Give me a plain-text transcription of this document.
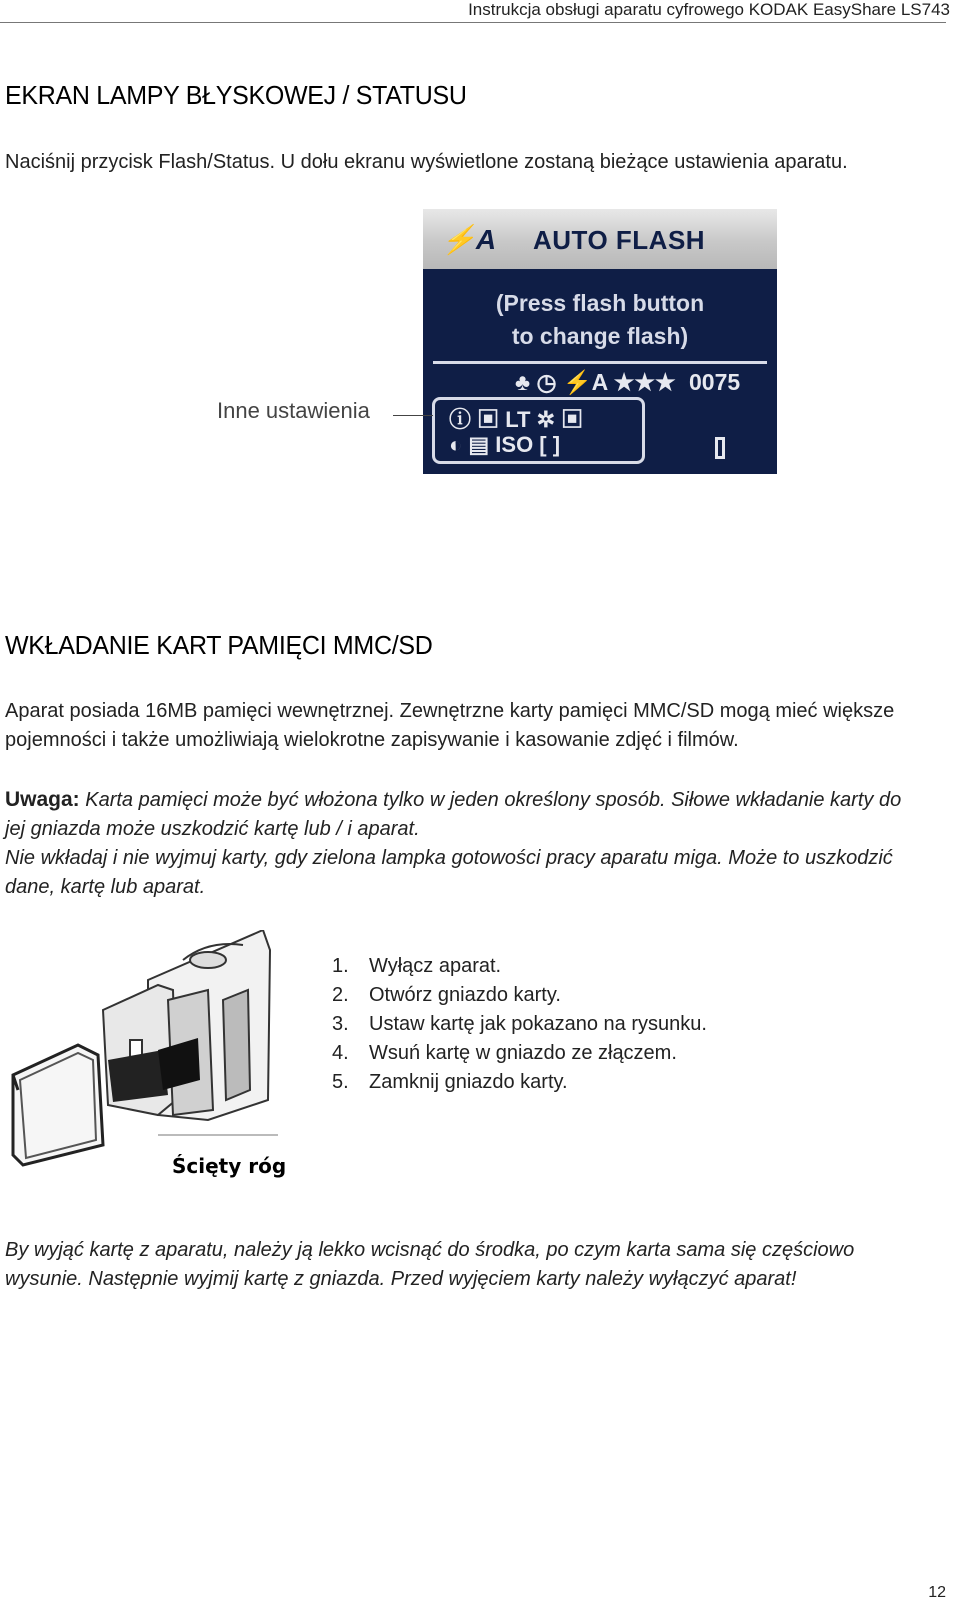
Instrukcja obsługi aparatu cyfrowego KODAK EasyShare LS743
EKRAN LAMPY BŁYSKOWEJ / STATUSU

Naciśnij przycisk Flash/Status. U dołu ekranu wyświetlone zostaną bieżące ustawienia aparatu.

⚡A AUTO FLASH
(Press flash button
to change flash)
♣ ◷ ⚡A ★★★ 0075
ⓘ ▣ LT ✲ ▣
◐ ▤ ISO [ ]
Inne ustawienia
WKŁADANIE KART PAMIĘCI MMC/SD

Aparat posiada 16MB pamięci wewnętrznej. Zewnętrzne karty pamięci MMC/SD mogą mieć większe

pojemności i także umożliwiają wielokrotne zapisywanie i kasowanie zdjęć i filmów.

Uwaga: Karta pamięci może być włożona tylko w jeden określony sposób. Siłowe wkładanie karty do

jej gniazda może uszkodzić kartę lub / i aparat.

Nie wkładaj i nie wyjmuj karty, gdy zielona lampka gotowości pracy aparatu miga. Może to uszkodzić

dane, kartę lub aparat.

Ścięty róg
1. Wyłącz aparat.
2. Otwórz gniazdo karty.
3. Ustaw kartę jak pokazano na rysunku.
4. Wsuń kartę w gniazdo ze złączem.
5. Zamknij gniazdo karty.

By wyjąć kartę z aparatu, należy ją lekko wcisnąć do środka, po czym karta sama się częściowo

wysunie. Następnie wyjmij kartę z gniazda. Przed wyjęciem karty należy wyłączyć aparat!

12
